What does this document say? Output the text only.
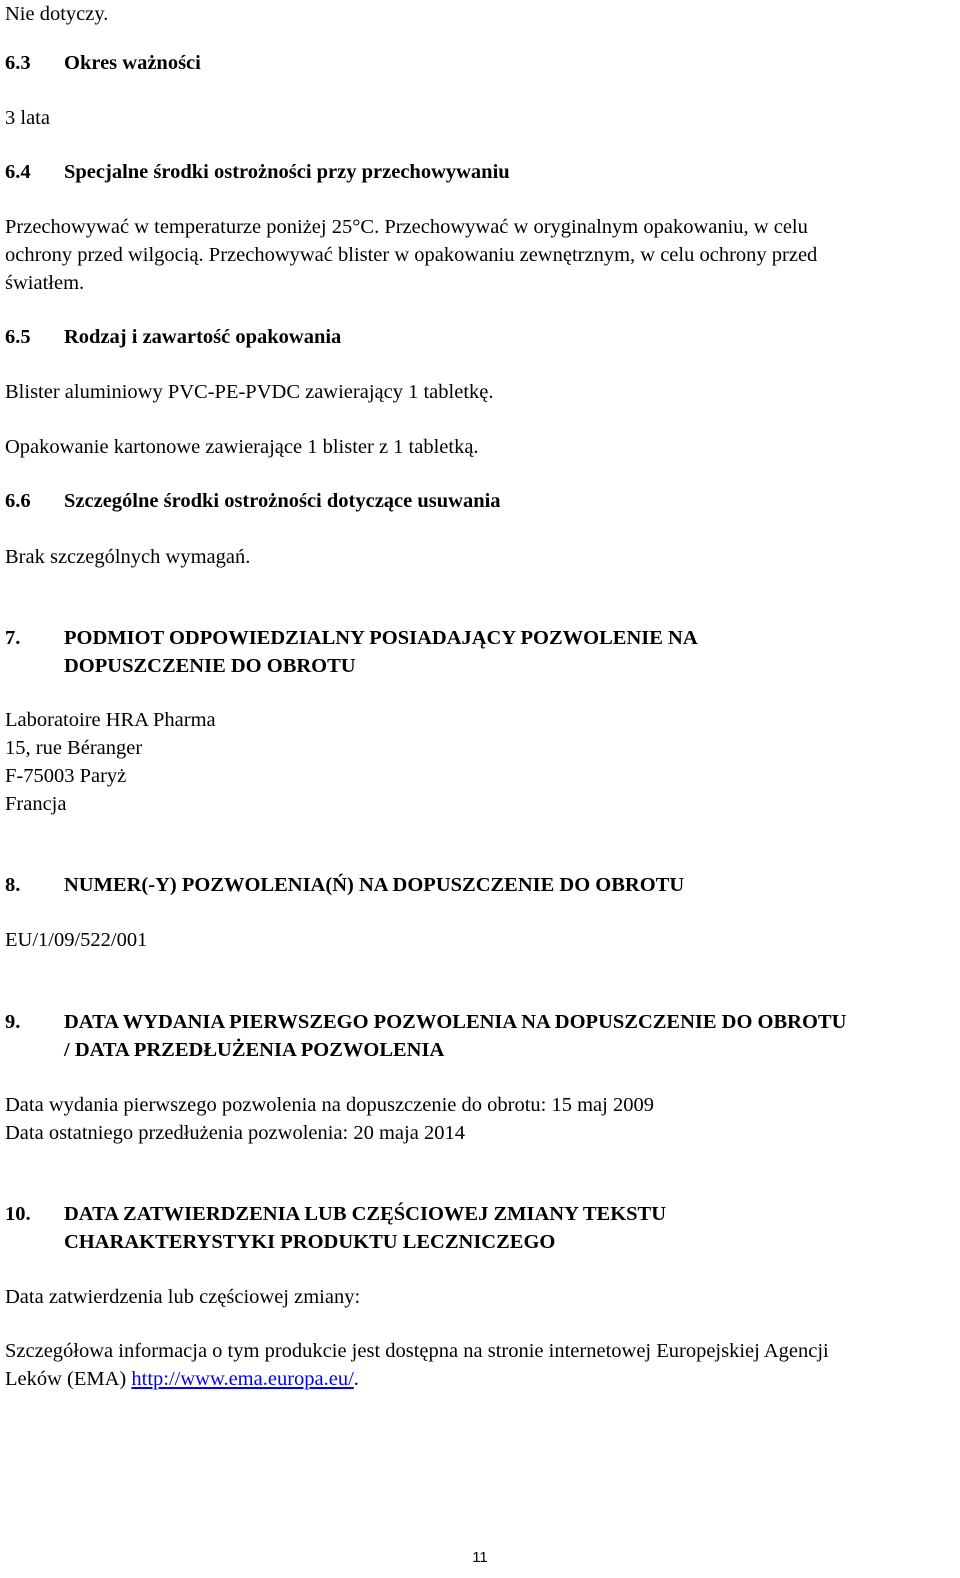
Nie dotyczy.
6.3 Okres ważności
3 lata
6.4 Specjalne środki ostrożności przy przechowywaniu
Przechowywać w temperaturze poniżej 25°C. Przechowywać w oryginalnym opakowaniu, w celu
ochrony przed wilgocią. Przechowywać blister w opakowaniu zewnętrznym, w celu ochrony przed
światłem.
6.5 Rodzaj i zawartość opakowania
Blister aluminiowy PVC-PE-PVDC zawierający 1 tabletkę.
Opakowanie kartonowe zawierające 1 blister z 1 tabletką.
6.6 Szczególne środki ostrożności dotyczące usuwania
Brak szczególnych wymagań.
7. PODMIOT ODPOWIEDZIALNY POSIADAJĄCY POZWOLENIE NA
DOPUSZCZENIE DO OBROTU
Laboratoire HRA Pharma
15, rue Béranger
F-75003 Paryż
Francja
8. NUMER(-Y) POZWOLENIA(Ń) NA DOPUSZCZENIE DO OBROTU
EU/1/09/522/001
9. DATA WYDANIA PIERWSZEGO POZWOLENIA NA DOPUSZCZENIE DO OBROTU
/ DATA PRZEDŁUŻENIA POZWOLENIA
Data wydania pierwszego pozwolenia na dopuszczenie do obrotu: 15 maj 2009
Data ostatniego przedłużenia pozwolenia: 20 maja 2014
10. DATA ZATWIERDZENIA LUB CZĘŚCIOWEJ ZMIANY TEKSTU
CHARAKTERYSTYKI PRODUKTU LECZNICZEGO
Data zatwierdzenia lub częściowej zmiany:
Szczegółowa informacja o tym produkcie jest dostępna na stronie internetowej Europejskiej Agencji
Leków (EMA) http://www.ema.europa.eu/.
11
